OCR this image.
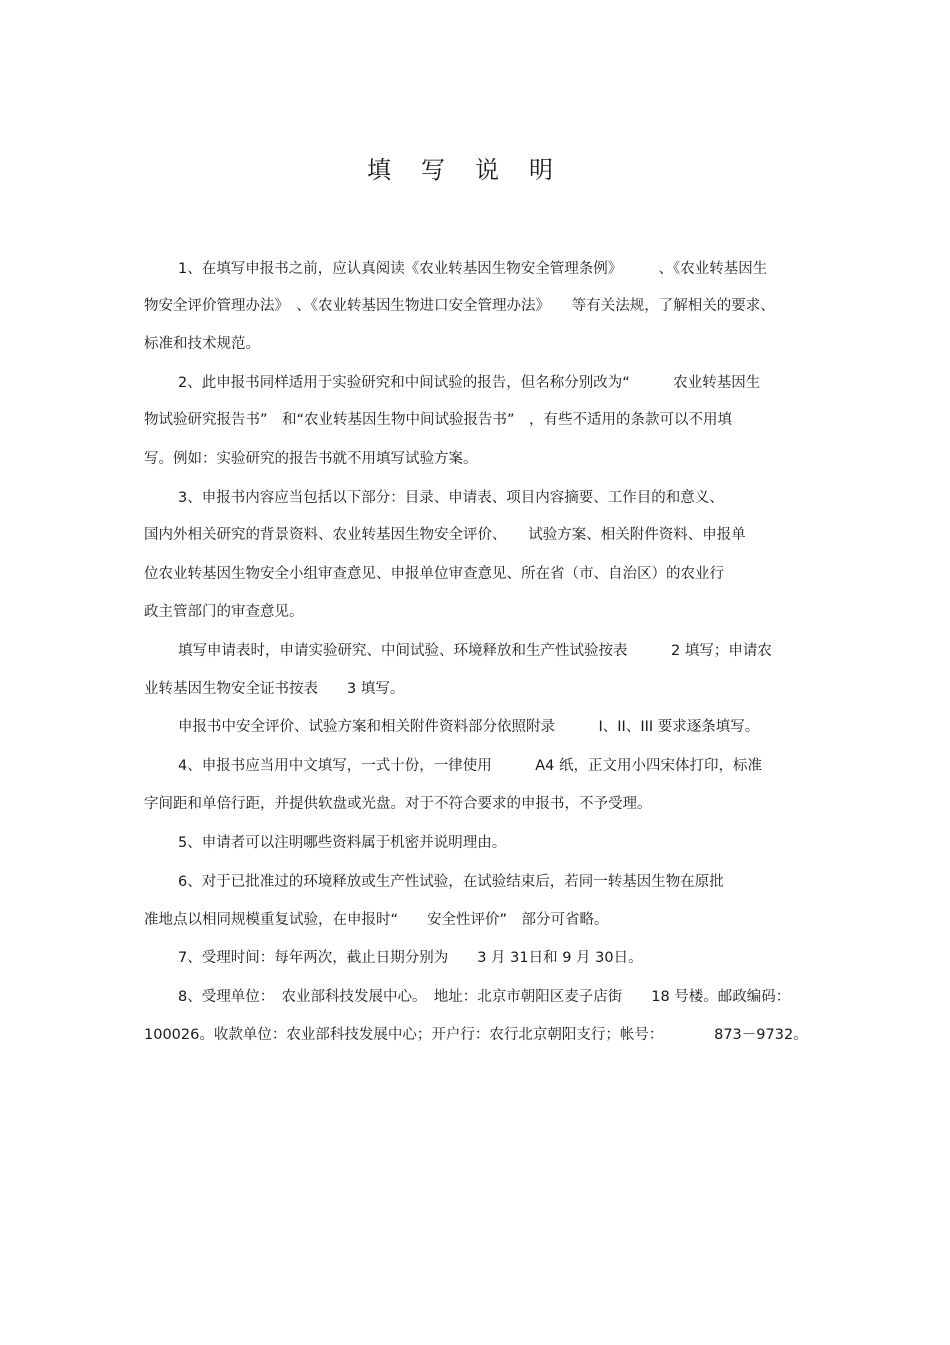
填写说明

1、在填写申报书之前，应认真阅读《农业转基因生物安全管理条例》　　　、《农业转基因生

物安全评价管理办法》　、《农业转基因生物进口安全管理办法》　　等有关法规，了解相关的要求、

标准和技术规范。

2、此申报书同样适用于实验研究和中间试验的报告，但名称分别改为“　　　农业转基因生

物试验研究报告书”　和“农业转基因生物中间试验报告书”　，有些不适用的条款可以不用填

写。例如：实验研究的报告书就不用填写试验方案。

3、申报书内容应当包括以下部分：目录、申请表、项目内容摘要、工作目的和意义、

国内外相关研究的背景资料、农业转基因生物安全评价、　　试验方案、相关附件资料、申报单

位农业转基因生物安全小组审查意见、申报单位审查意见、所在省（市、自治区）的农业行

政主管部门的审查意见。

填写申请表时，申请实验研究、中间试验、环境释放和生产性试验按表　　　2 填写；申请农

业转基因生物安全证书按表　　3 填写。

申报书中安全评价、试验方案和相关附件资料部分依照附录　　　I、II、III 要求逐条填写。

4、申报书应当用中文填写，一式十份，一律使用　　　A4 纸，正文用小四宋体打印，标准

字间距和单倍行距，并提供软盘或光盘。对于不符合要求的申报书，不予受理。

5、申请者可以注明哪些资料属于机密并说明理由。

6、对于已批准过的环境释放或生产性试验，在试验结束后，若同一转基因生物在原批

准地点以相同规模重复试验，在申报时“　　安全性评价”　部分可省略。

7、受理时间：每年两次，截止日期分别为　　3 月 31日和 9 月 30日。

8、受理单位：　农业部科技发展中心。　地址：北京市朝阳区麦子店街　　18 号楼。邮政编码：

100026。收款单位：农业部科技发展中心；开户行：农行北京朝阳支行；帐号：　　　　873－9732。
